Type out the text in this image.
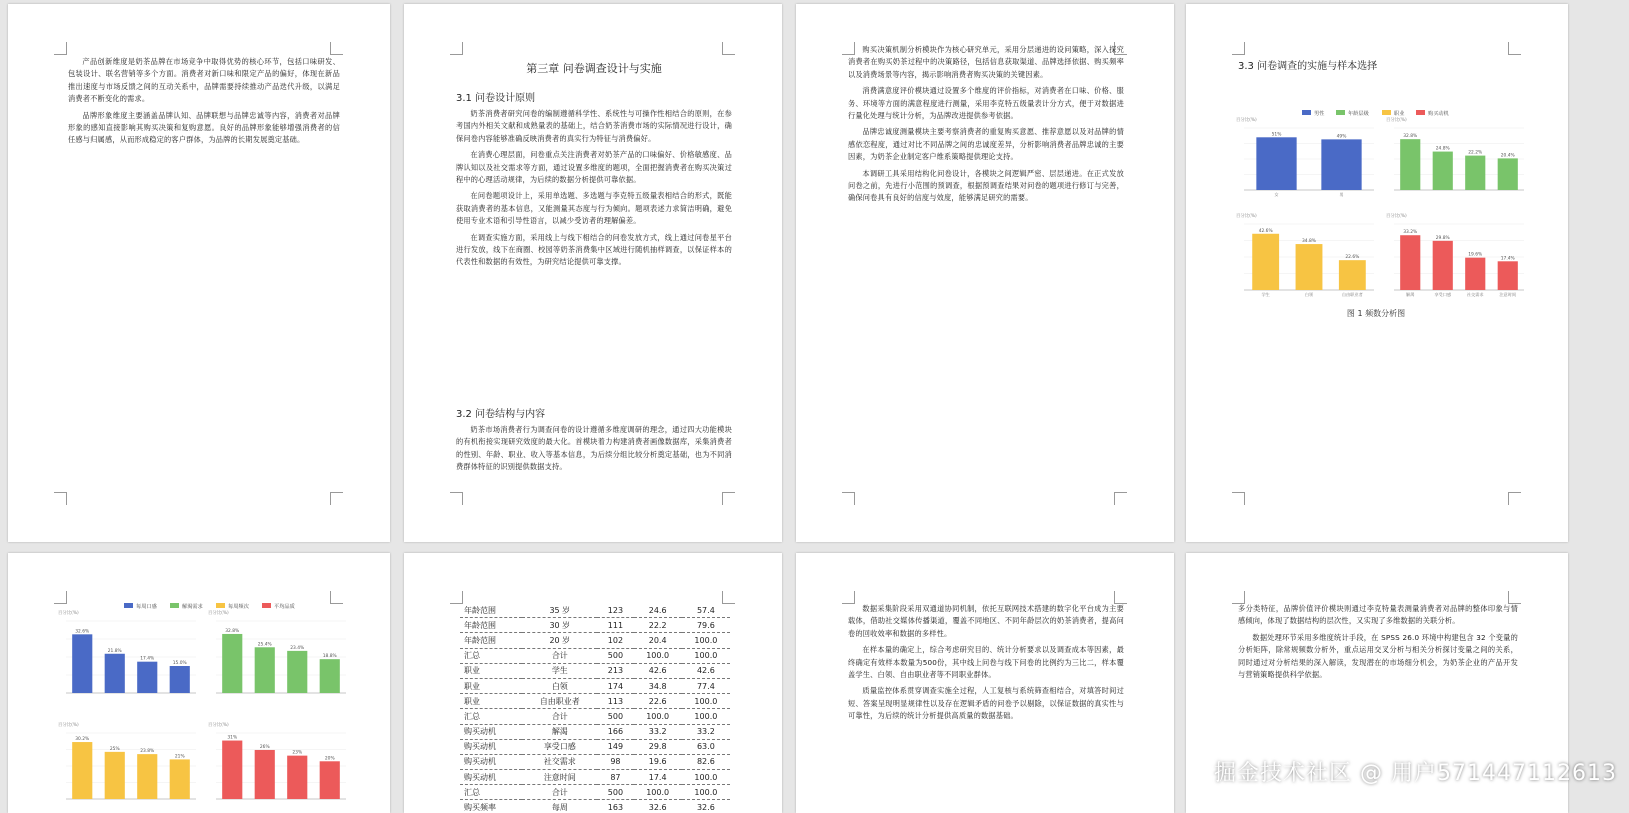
产品创新维度是奶茶品牌在市场竞争中取得优势的核心环节，包括口味研发、包装设计、联名营销等多个方面。消费者对新口味和限定产品的偏好，体现在新品推出速度与市场反馈之间的互动关系中，品牌需要持续推动产品迭代升级，以满足消费者不断变化的需求。

品牌形象维度主要涵盖品牌认知、品牌联想与品牌忠诚等内容，消费者对品牌形象的感知直接影响其购买决策和复购意愿。良好的品牌形象能够增强消费者的信任感与归属感，从而形成稳定的客户群体，为品牌的长期发展奠定基础。

第三章 问卷调查设计与实施
3.1 问卷设计原则

奶茶消费者研究问卷的编制遵循科学性、系统性与可操作性相结合的原则，在参考国内外相关文献和成熟量表的基础上，结合奶茶消费市场的实际情况进行设计，确保问卷内容能够准确反映消费者的真实行为特征与消费偏好。

在消费心理层面，问卷重点关注消费者对奶茶产品的口味偏好、价格敏感度、品牌认知以及社交需求等方面，通过设置多维度的题项，全面把握消费者在购买决策过程中的心理活动规律，为后续的数据分析提供可靠依据。

在问卷题项设计上，采用单选题、多选题与李克特五级量表相结合的形式，既能获取消费者的基本信息，又能测量其态度与行为倾向。题项表述力求简洁明确，避免使用专业术语和引导性语言，以减少受访者的理解偏差。

在调查实施方面，采用线上与线下相结合的问卷发放方式，线上通过问卷星平台进行发放，线下在商圈、校园等奶茶消费集中区域进行随机抽样调查，以保证样本的代表性和数据的有效性，为研究结论提供可靠支撑。

3.2 问卷结构与内容

奶茶市场消费者行为调查问卷的设计遵循多维度调研的理念，通过四大功能模块的有机衔接实现研究效度的最大化。首模块着力构建消费者画像数据库，采集消费者的性别、年龄、职业、收入等基本信息，为后续分组比较分析奠定基础，也为不同消费群体特征的识别提供数据支持。

购买决策机制分析模块作为核心研究单元，采用分层递进的设问策略，深入探究消费者在购买奶茶过程中的决策路径，包括信息获取渠道、品牌选择依据、购买频率以及消费场景等内容，揭示影响消费者购买决策的关键因素。

消费满意度评价模块通过设置多个维度的评价指标，对消费者在口味、价格、服务、环境等方面的满意程度进行测量，采用李克特五级量表计分方式，便于对数据进行量化处理与统计分析，为品牌改进提供参考依据。

品牌忠诚度测量模块主要考察消费者的重复购买意愿、推荐意愿以及对品牌的情感依恋程度，通过对比不同品牌之间的忠诚度差异，分析影响消费者品牌忠诚的主要因素，为奶茶企业制定客户维系策略提供理论支持。

本调研工具采用结构化问卷设计，各模块之间逻辑严密、层层递进。在正式发放问卷之前，先进行小范围的预调查，根据预调查结果对问卷的题项进行修订与完善，确保问卷具有良好的信度与效度，能够满足研究的需要。

3.3 问卷调查的实施与样本选择
男性	年龄层级	职业	购买动机
百分比(%)
51%
女
49%
男
百分比(%)
32.8%
24.8%
22.2%
20.4%
百分比(%)
42.6%
学生
34.8%
白领
22.6%
自由职业者
百分比(%)
33.2%
解渴
29.8%
享受口感
19.6%
社交需求
17.4%
注意时间
图 1 频数分析图
每周口感	解渴需求	每周频次	平均品质
百分比(%)
32.6%
21.8%
17.4%
15.0%
百分比(%)
32.8%
25.4%
23.4%
18.8%
百分比(%)
30.2%
25%	23.8%
21%
百分比(%)
31%
26%
23%
20%
年龄范围	35 岁	123	24.6	57.4
年龄范围	30 岁	111	22.2	79.6
年龄范围	20 岁	102	20.4	100.0
汇总	合计	500	100.0	100.0
职业	学生	213	42.6	42.6
职业	白领	174	34.8	77.4
职业	自由职业者	113	22.6	100.0
汇总	合计	500	100.0	100.0
购买动机	解渴	166	33.2	33.2
购买动机	享受口感	149	29.8	63.0
购买动机	社交需求	98	19.6	82.6
购买动机	注意时间	87	17.4	100.0
汇总	合计	500	100.0	100.0
购买频率	每周	163	32.6	32.6

数据采集阶段采用双通道协同机制，依托互联网技术搭建的数字化平台成为主要载体，借助社交媒体传播渠道，覆盖不同地区、不同年龄层次的奶茶消费者，提高问卷的回收效率和数据的多样性。

在样本量的确定上，综合考虑研究目的、统计分析要求以及调查成本等因素，最终确定有效样本数量为500份，其中线上问卷与线下问卷的比例约为三比二，样本覆盖学生、白领、自由职业者等不同职业群体。

质量监控体系贯穿调查实施全过程，人工复核与系统筛查相结合，对填答时间过短、答案呈现明显规律性以及存在逻辑矛盾的问卷予以剔除，以保证数据的真实性与可靠性，为后续的统计分析提供高质量的数据基础。

多分类特征，品牌价值评价模块则通过李克特量表测量消费者对品牌的整体印象与情感倾向，体现了数据结构的层次性，又实现了多维数据的关联分析。

数据处理环节采用多维度统计手段，在 SPSS 26.0 环境中构建包含 32 个变量的分析矩阵，除常规频数分析外，重点运用交叉分析与相关分析探讨变量之间的关系，同时通过对分析结果的深入解读，发现潜在的市场细分机会，为奶茶企业的产品开发与营销策略提供科学依据。

掘金技术社区 @ 用户571447112613
